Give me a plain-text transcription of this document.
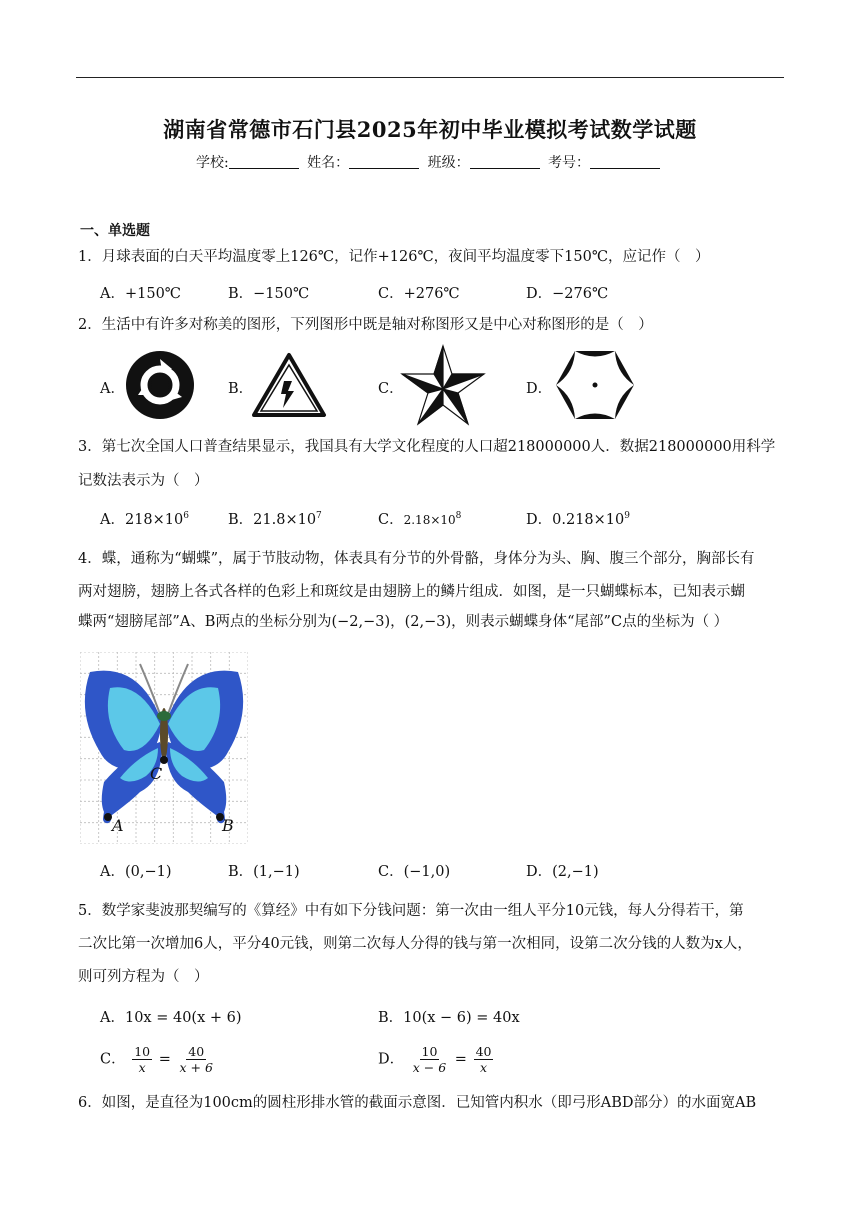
湖南省常德市石门县2025年初中毕业模拟考试数学试题
学校:	姓名：	班级：	考号：
一、单选题
1．月球表面的白天平均温度零上126℃，记作+126℃，夜间平均温度零下150℃，应记作（　）
A．+150℃	B．−150℃	C．+276℃	D．−276℃
2．生活中有许多对称美的图形，下列图形中既是轴对称图形又是中心对称图形的是（　）
A．	B．	C．	D．
3．第七次全国人口普查结果显示，我国具有大学文化程度的人口超218000000人．数据218000000用科学
记数法表示为（　）
A．$218\times 10^6$	B．$21.8\times 10^7$	C．$2.18\times 10^8$	D．$0.218\times 10^9$
4．蝶，通称为“蝴蝶”，属于节肢动物，体表具有分节的外骨骼，身体分为头、胸、腹三个部分，胸部长有
两对翅膀，翅膀上各式各样的色彩上和斑纹是由翅膀上的鳞片组成．如图，是一只蝴蝶标本，已知表示蝴
蝶两“翅膀尾部”A、B两点的坐标分别为(−2,−3)，(2,−3)，则表示蝴蝶身体“尾部”C点的坐标为（ ）
A	B
C
A．(0,−1)	B．(1,−1)	C．(−1,0)	D．(2,−1)
5．数学家斐波那契编写的《算经》中有如下分钱问题：第一次由一组人平分10元钱，每人分得若干，第
二次比第一次增加6人，平分40元钱，则第二次每人分得的钱与第一次相同，设第二次分钱的人数为x人，
则可列方程为（　）
A．10x = 40(x + 6)	B．10(x − 6) = 40x
C． $\frac{10}{x} = \frac{40}{x + 6}$	D． $\frac{10}{x - 6} = \frac{40}{x}$
6．如图，是直径为100cm的圆柱形排水管的截面示意图．已知管内积水（即弓形ABD部分）的水面宽AB
